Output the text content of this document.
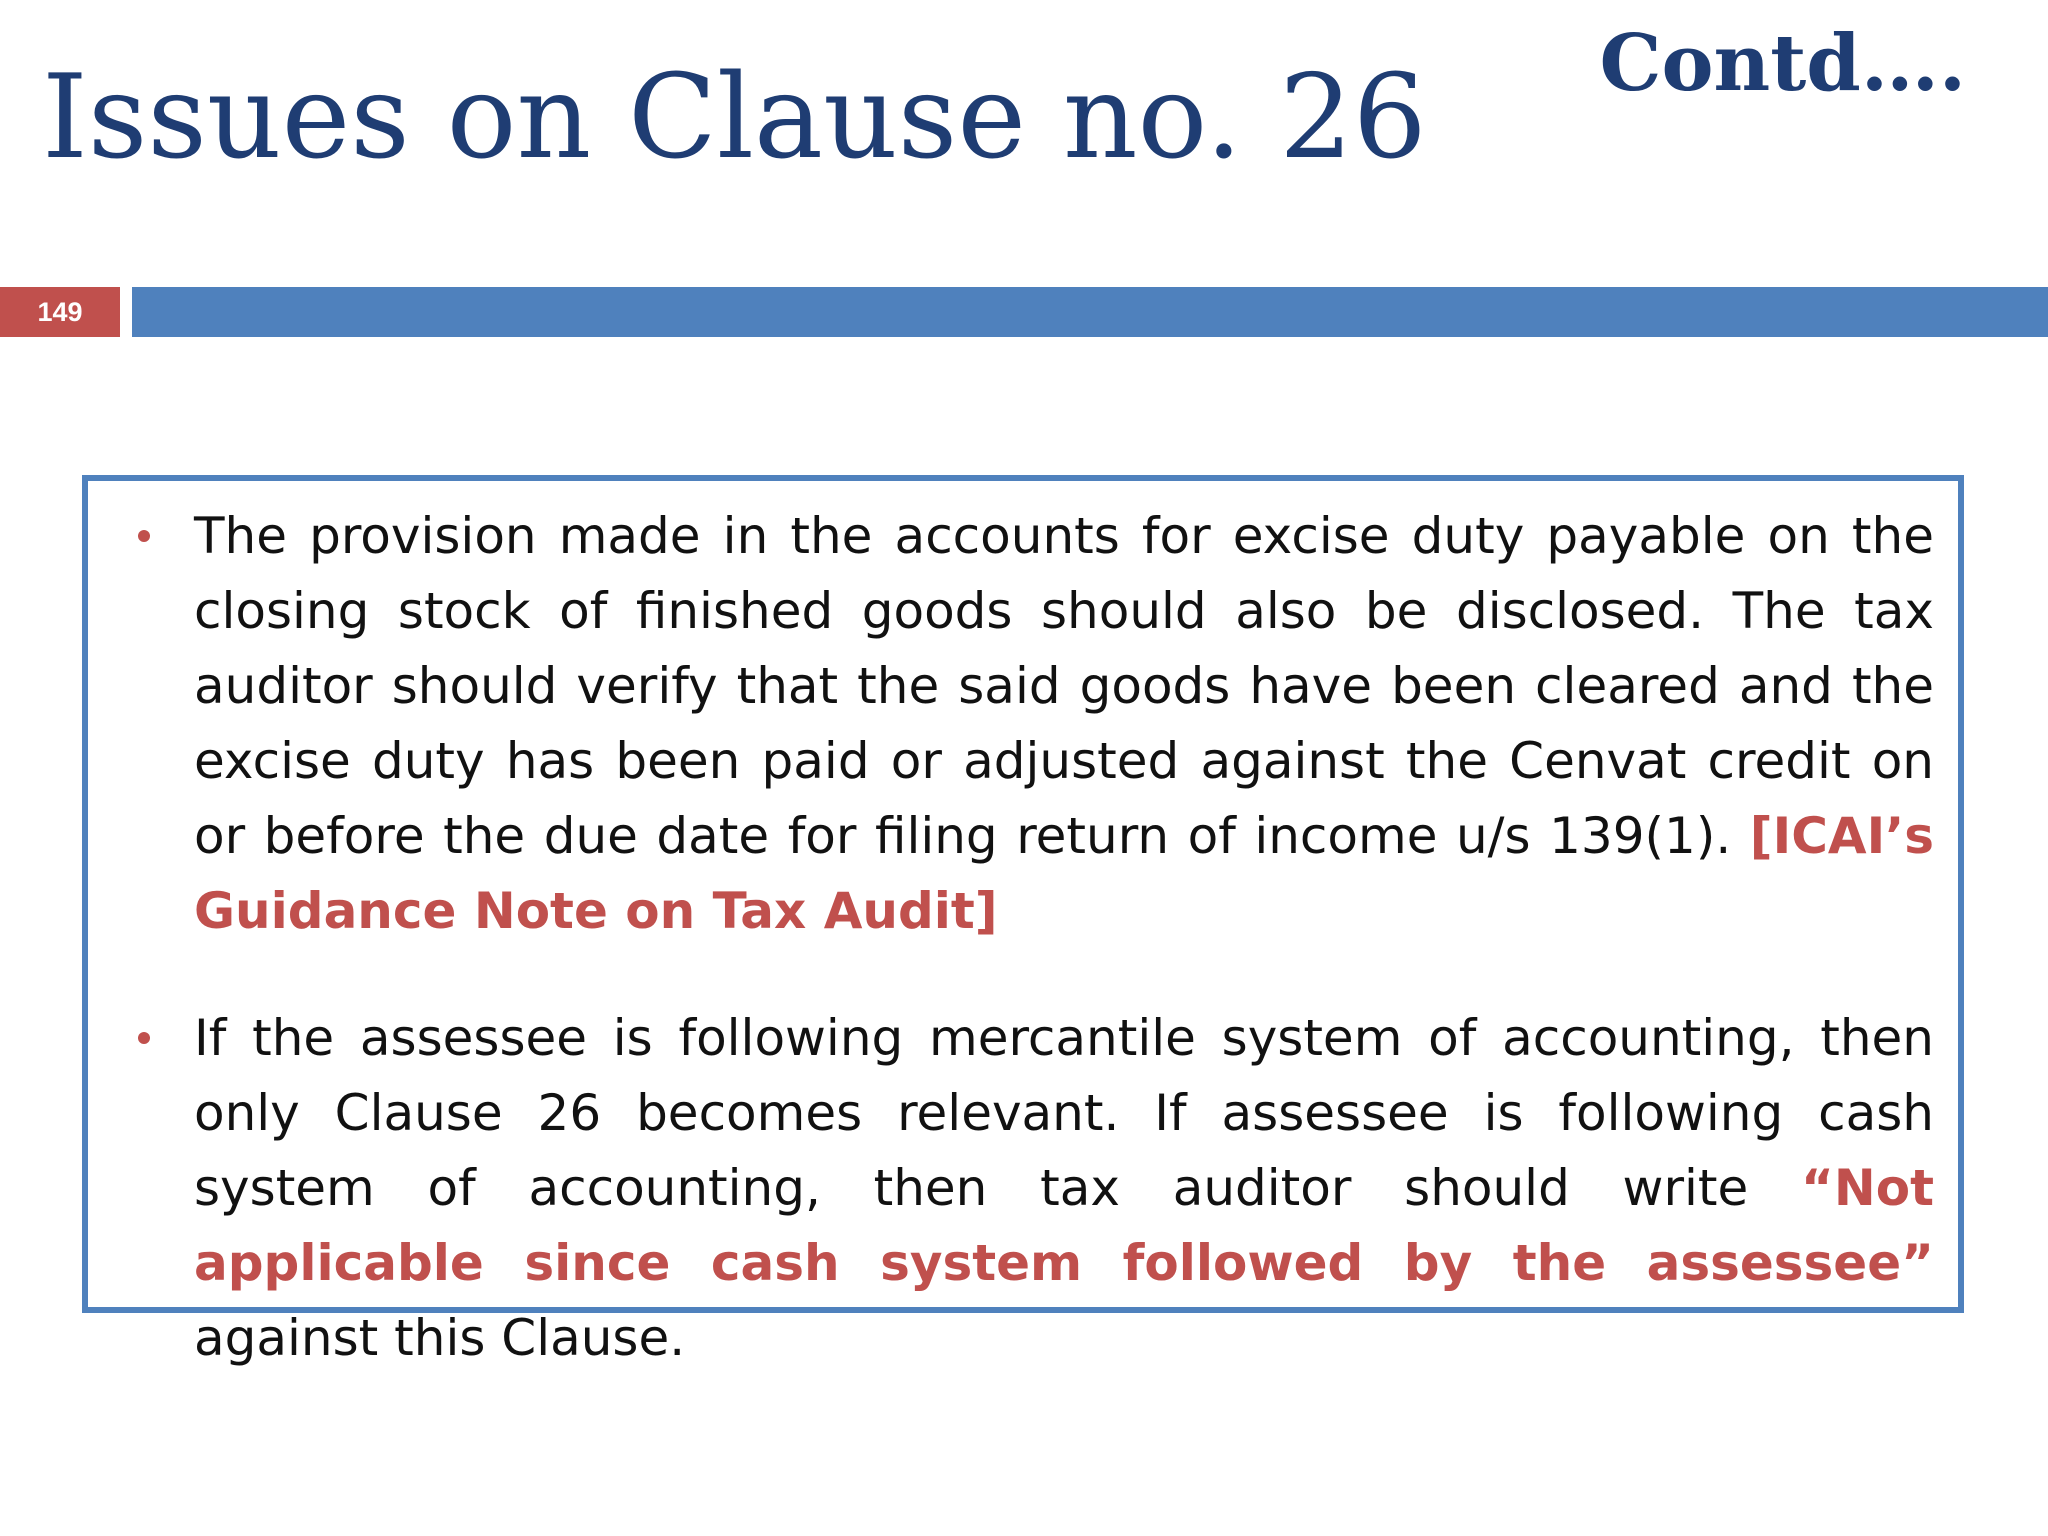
Issues on Clause no. 26 Contd….
149

The provision made in the accounts for excise duty payable on the closing stock of finished goods should also be disclosed. The tax auditor should verify that the said goods have been cleared and the excise duty has been paid or adjusted against the Cenvat credit on or before the due date for filing return of income u/s 139(1). [ICAI’s Guidance Note on Tax Audit]

If the assessee is following mercantile system of accounting, then only Clause 26 becomes relevant. If assessee is following cash system of accounting, then tax auditor should write “Not applicable since cash system followed by the assessee” against this Clause.
